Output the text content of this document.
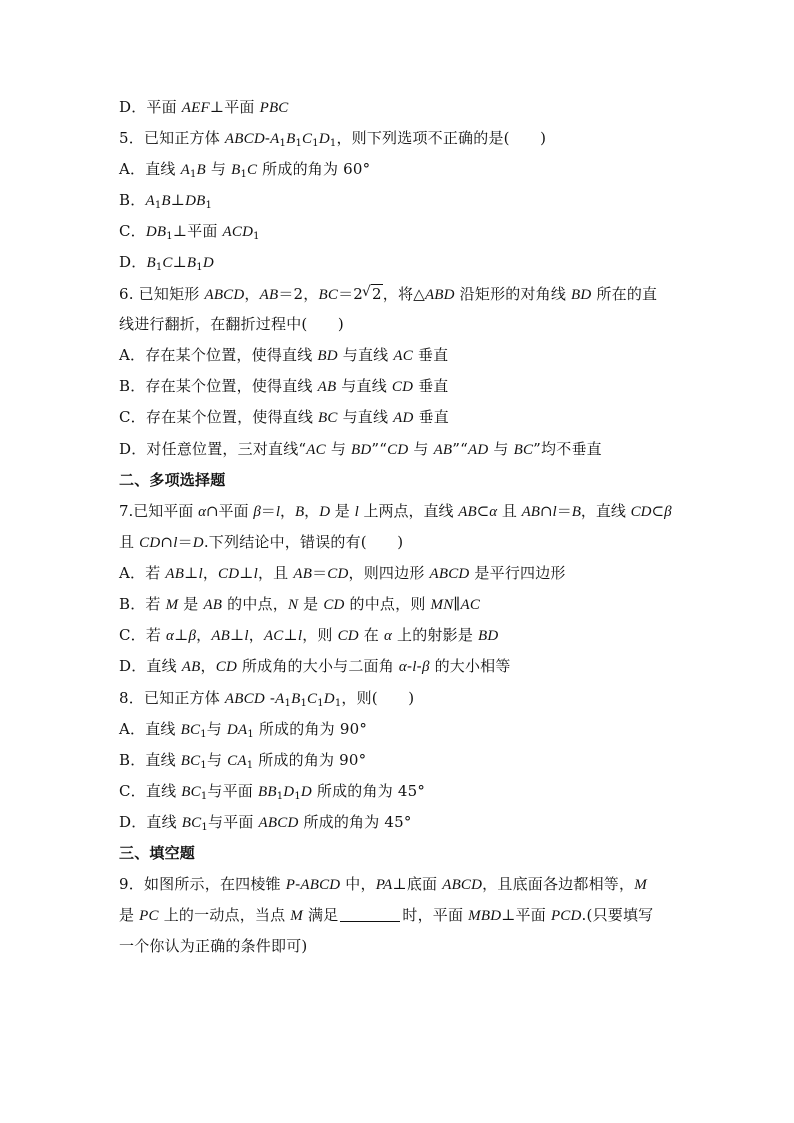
D．平面 AEF⊥平面 PBC
5．已知正方体 ABCD-$A_1B_1C_1D_1$，则下列选项不正确的是(　　)
A．直线 $A_1B$ 与 $B_1C$ 所成的角为 60°
B．$A_1B\perp DB_1$
C．$DB_1\perp$平面 $ACD_1$
D．$B_1C\perp B_1D$
6. 已知矩形 ABCD，AB＝2，BC＝2√ 2，将△ABD 沿矩形的对角线 BD 所在的直
线进行翻折，在翻折过程中(　　)
A．存在某个位置，使得直线 BD 与直线 AC 垂直
B．存在某个位置，使得直线 AB 与直线 CD 垂直
C．存在某个位置，使得直线 BC 与直线 AD 垂直
D．对任意位置，三对直线“AC 与 BD”“CD 与 AB”“AD 与 BC”均不垂直
二、多项选择题
7.已知平面 α∩平面 β＝l，B，D 是 l 上两点，直线 AB⊂α 且 AB∩l＝B，直线 CD⊂β
且 CD∩l＝D.下列结论中，错误的有(　　)
A．若 AB⊥l，CD⊥l，且 AB＝CD，则四边形 ABCD 是平行四边形
B．若 M 是 AB 的中点，N 是 CD 的中点，则 MN∥AC
C．若 α⊥β，AB⊥l，AC⊥l，则 CD 在 α 上的射影是 BD
D．直线 AB，CD 所成角的大小与二面角 α-l-β 的大小相等
8．已知正方体 ABCD $-A_1B_1C_1D_1$，则(　　)
A．直线 $BC_1$与 $DA_1$ 所成的角为 90°
B．直线 $BC_1$与 $CA_1$ 所成的角为 90°
C．直线 $BC_1$与平面 $BB_1D_1D$ 所成的角为 45°
D．直线 $BC_1$与平面 ABCD 所成的角为 45°
三、填空题
9．如图所示，在四棱锥 P-ABCD 中，PA⊥底面 ABCD，且底面各边都相等，M
是 PC 上的一动点，当点 M 满足	时，平面 MBD⊥平面 PCD.(只要填写
一个你认为正确的条件即可)
